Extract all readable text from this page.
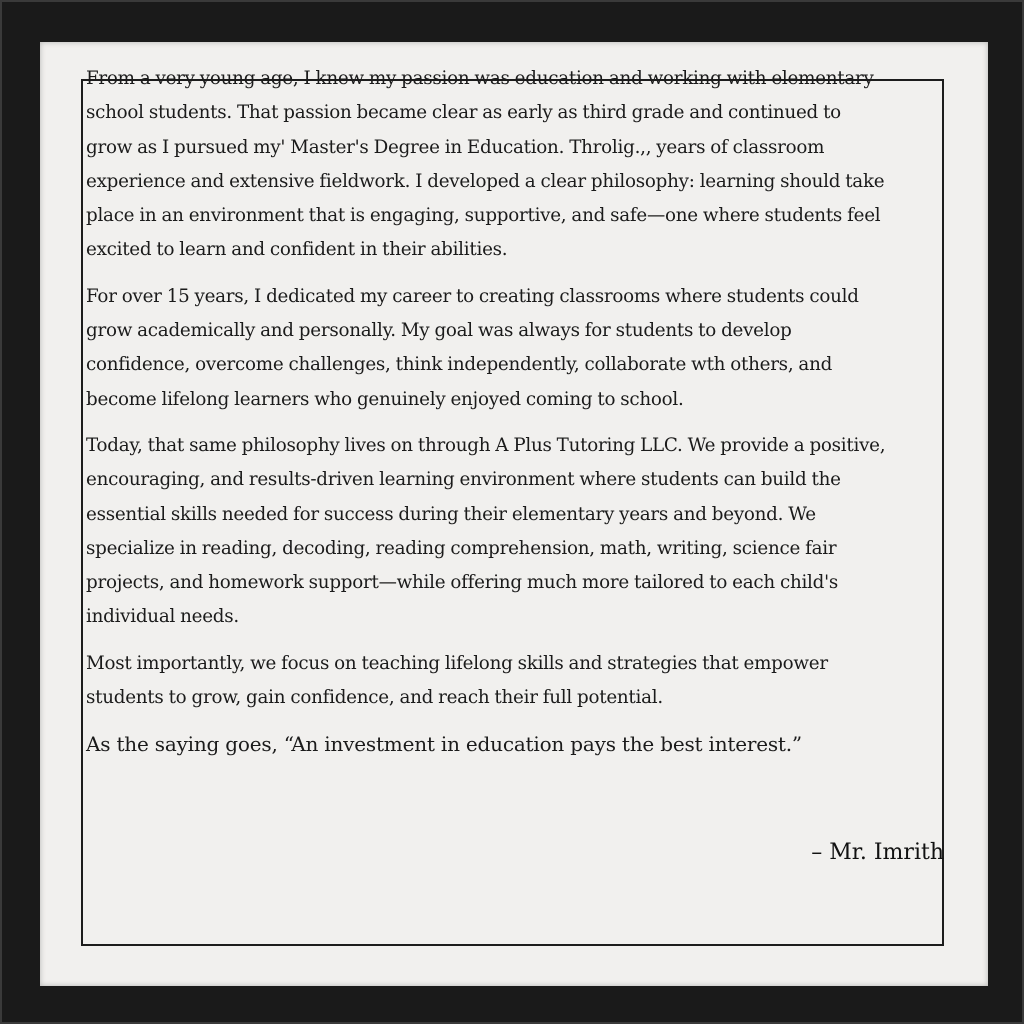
From a very young age, I knew my passion was education and working with elementary school students. That passion became clear as early as third grade and continued to grow as I pursued my' Master's Degree in Education. Throlig.,, years of classroom experience and extensive fieldwork. I developed a clear philosophy: learning should take place in an environment that is engaging, supportive, and safe—one where students feel excited to learn and confident in their abilities.

For over 15 years, I dedicated my career to creating classrooms where students could grow academically and personally. My goal was always for students to develop confidence, overcome challenges, think independently, collaborate wth others, and become lifelong learners who genuinely enjoyed coming to school.

Today, that same philosophy lives on through A Plus Tutoring LLC. We provide a positive, encouraging, and results-driven learning environment where students can build the essential skills needed for success during their elementary years and beyond. We specialize in reading, decoding, reading comprehension, math, writing, science fair projects, and homework support—while offering much more tailored to each child's individual needs.

Most importantly, we focus on teaching lifelong skills and strategies that empower students to grow, gain confidence, and reach their full potential.

As the saying goes, “An investment in education pays the best interest.”

– Mr. Imrith
